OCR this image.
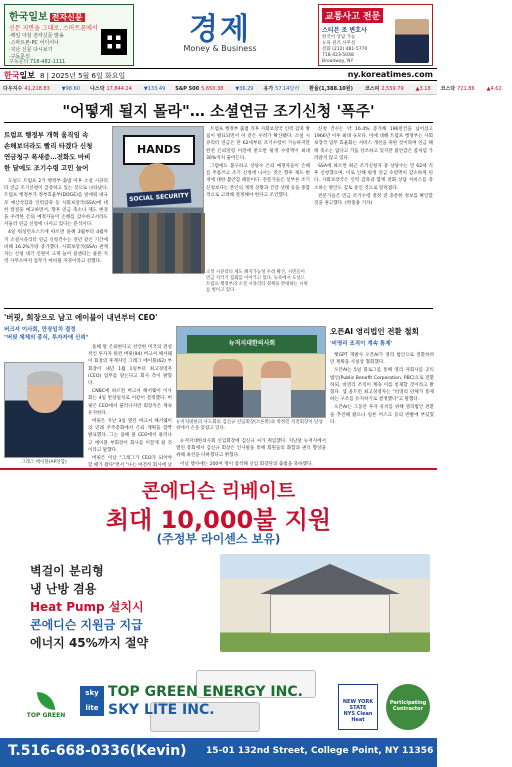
한국일보 전자신문
신문 지면을 그대로, 스마트폰에서
·매일 아침 전자신문 발송
·스마트폰·PC 어디서나
·지난 신문 다시보기
·구독문의
구독문의 718-482-1111
경제
Money & Business
교통사고 전문
스티븐 조 변호사
한국어 상담 가능
뉴욕 퀸즈 사무실
전화 (212) 481-5770
718-423-5048
Broadway, NY
한국일보 8 | 2025년 5월 6일 화요일	ny.koreatimes.com
다우지수 41,218.83 ▼98.60 나스닥 17,844.24 ▼133.49 S&P 500 5,650.38 ▼36.29 유가 57.14달러 환율(1,388.10원) 코스피 2,559.79 ▲3.18 코스닥 721.86 ▲4.62
"어떻게 될지 몰라"… 소셜연금 조기신청 '폭주'
트럼프 행정부 개혁 움직임 속
손해보더라도 빨리 타겠다 신청
연금청구 폭새증…전화도 마비
한 달에도 조기수령 고민 늘어

도널드 트럼프 2기 행정부 출범 이후 소셜 시큐리티 연금 조기신청이 급증하고 있는 것으로 나타났다. 트럼프 행정부가 정부효율부(DOGE)를 앞세워 대규모 예산삭감과 인력감축 등 사회보장국(SSA)에 대한 칼질을 예고하면서, 향후 연금 축소나 제도 변경을 우려한 은퇴 예정자들이 손해를 감수하고서라도 서둘러 연금 신청에 나서고 있다는 분석이다.

4일 워싱턴포스트에 따르면 올해 3월부터 4월까지 소셜시큐리티 연금 신청건수는 전년 같은 기간에 비해 16.2%가량 증가했다. 사회보장국(SSA) 관계자는 신청 대기 인원이 크게 늘어 콜센터는 물론 지역 사무소마저 업무가 마비될 지경이라고 전했다.

HANDS
SOCIAL SECURITY

트럼프 행정부 출범 직후 사회보장국 인력 감축 방침이 발표되면서 이 같은 우려가 확산됐다. 소셜 시큐리티 연금은 만 62세부터 조기수령이 가능하지만 완전 은퇴연령 이전에 받으면 평생 수령액이 최대 30%까지 줄어든다.

그럼에도 불구하고 상당수 은퇴 예정자들이 손해를 무릅쓰고 조기 신청에 나서는 것은 향후 제도 변경에 대한 불안감 때문이다. 전문가들은 섣부른 조기 신청보다는 본인의 재정 상황과 건강 상태 등을 종합적으로 고려해 결정해야 한다고 조언했다.

소셜 시큐리티 제도 폐지가능성 우려 확산, 시민들이 연금 지키기 집회를 이어가고 있다. 뉴욕에서 도널드 트럼프 행정부의 소셜 시큐리티 정책을 반대하는 시위를 벌이고 있다.

신청 건수는 약 16.4% 증가해 196만건을 넘어섰고 1966년 이후 최대 규모다. 이에 대해 트럼프 행정부는 사회보장국 업무 효율화는 서비스 개선을 위한 것이라며 연금 혜택 축소는 없다고 거듭 강조하고 있지만 불안감은 좀처럼 가라앉지 않고 있다.

SSA에 따르면 최근 조기신청자 중 상당수는 만 62세 직후 신청했으며, 이로 인해 평생 연금 수령액이 감소하게 된다. 사회보장국은 인력 감축과 함께 전화 상담 서비스를 축소하는 방안도 검토 중인 것으로 알려졌다.

전문가들은 연금 조기수령 결정 전 충분한 정보를 확인할 것을 권고했다. (박홍용 기자)

'버핏, 회장으로 남고 에이블이 내년부터 CEO'
버크셔 이사회, 만장일치 결정
"버핏 체제의 종식, 투자자에 신뢰"
그레그 에이블(AP연합)

올해 말 은퇴한다고 선언한 미국의 전설적인 투자자 워런 버핏(94) 버크셔 해서웨이 회장의 후계자인 그레그 에이블(62) 부회장이 내년 1월 1일부터 최고경영자(CEO) 업무를 맡는다고 회사 측이 밝혔다.

CNBC에 따르면 버크셔 해서웨이 이사회는 4일 만장일치로 이같이 결정했다. 버핏은 CEO에서 물러나지만 회장직은 계속 유지한다.

버핏은 지난 3일 열린 버크셔 해서웨이의 연례 주주총회에서 은퇴 계획을 깜짝 발표했다. 그는 올해 말 CEO에서 물러나고 에이블 부회장이 회사를 이끌게 될 것이라고 말했다.

버핏은 이날 "그레그가 CEO가 되어야 할 때가 왔다"면서 "나는 여전히 회사에 남

뉴저지대한의사회
뉴저지대한의 사도회의 김신규 신임회장(오른쪽)과 박정민 직전회장이 단상 위에서 손을 맞잡고 있다.

뉴저지대한의사회 신임회장에 김신규 씨가 취임했다. 지난달 뉴저지에서 열린 총회에서 김신규 회장은 인사말을 통해 회원들의 화합과 권익 향상을 위해 최선을 다하겠다고 밝혔다.

이날 행사에는 200여 명이 참석해 신임 회장단의 출범을 축하했다.

오픈AI 영리법인 전환 철회
'비영리 조직이 계속 통제'

챗GPT 개발사 오픈AI가 영리 법인으로 전환하려던 계획을 사실상 철회했다.

오픈AI는 5일 블로그를 통해 영리 자회사를 공익법인(Public Benefit Corporation, PBC)으로 전환하되, 비영리 조직이 계속 이를 통제할 것이라고 밝혔다. 샘 올트먼 최고경영자는 "비영리 단체가 통제하는 구조를 유지하기로 결정했다"고 말했다.

오픈AI는 그동안 투자 유치를 위해 영리법인 전환을 추진해 왔으나 일론 머스크 등의 반발에 부딪혔다.

콘에디슨 리베이트
최대 10,000불 지원
(주정부 라이센스 보유)
벽걸이 분리형
냉 난방 겸용
Heat Pump 설치시
콘에디슨 지원금 지급
에너지 45%까지 절약
NEW YORK STATE
NYS Clean Heat
Participating Contractor
TOP GREEN
sky lite
TOP GREEN ENERGY INC.
SKY LITE INC.
T.516-668-0336(Kevin) 15-01 132nd Street, College Point, NY 11356
